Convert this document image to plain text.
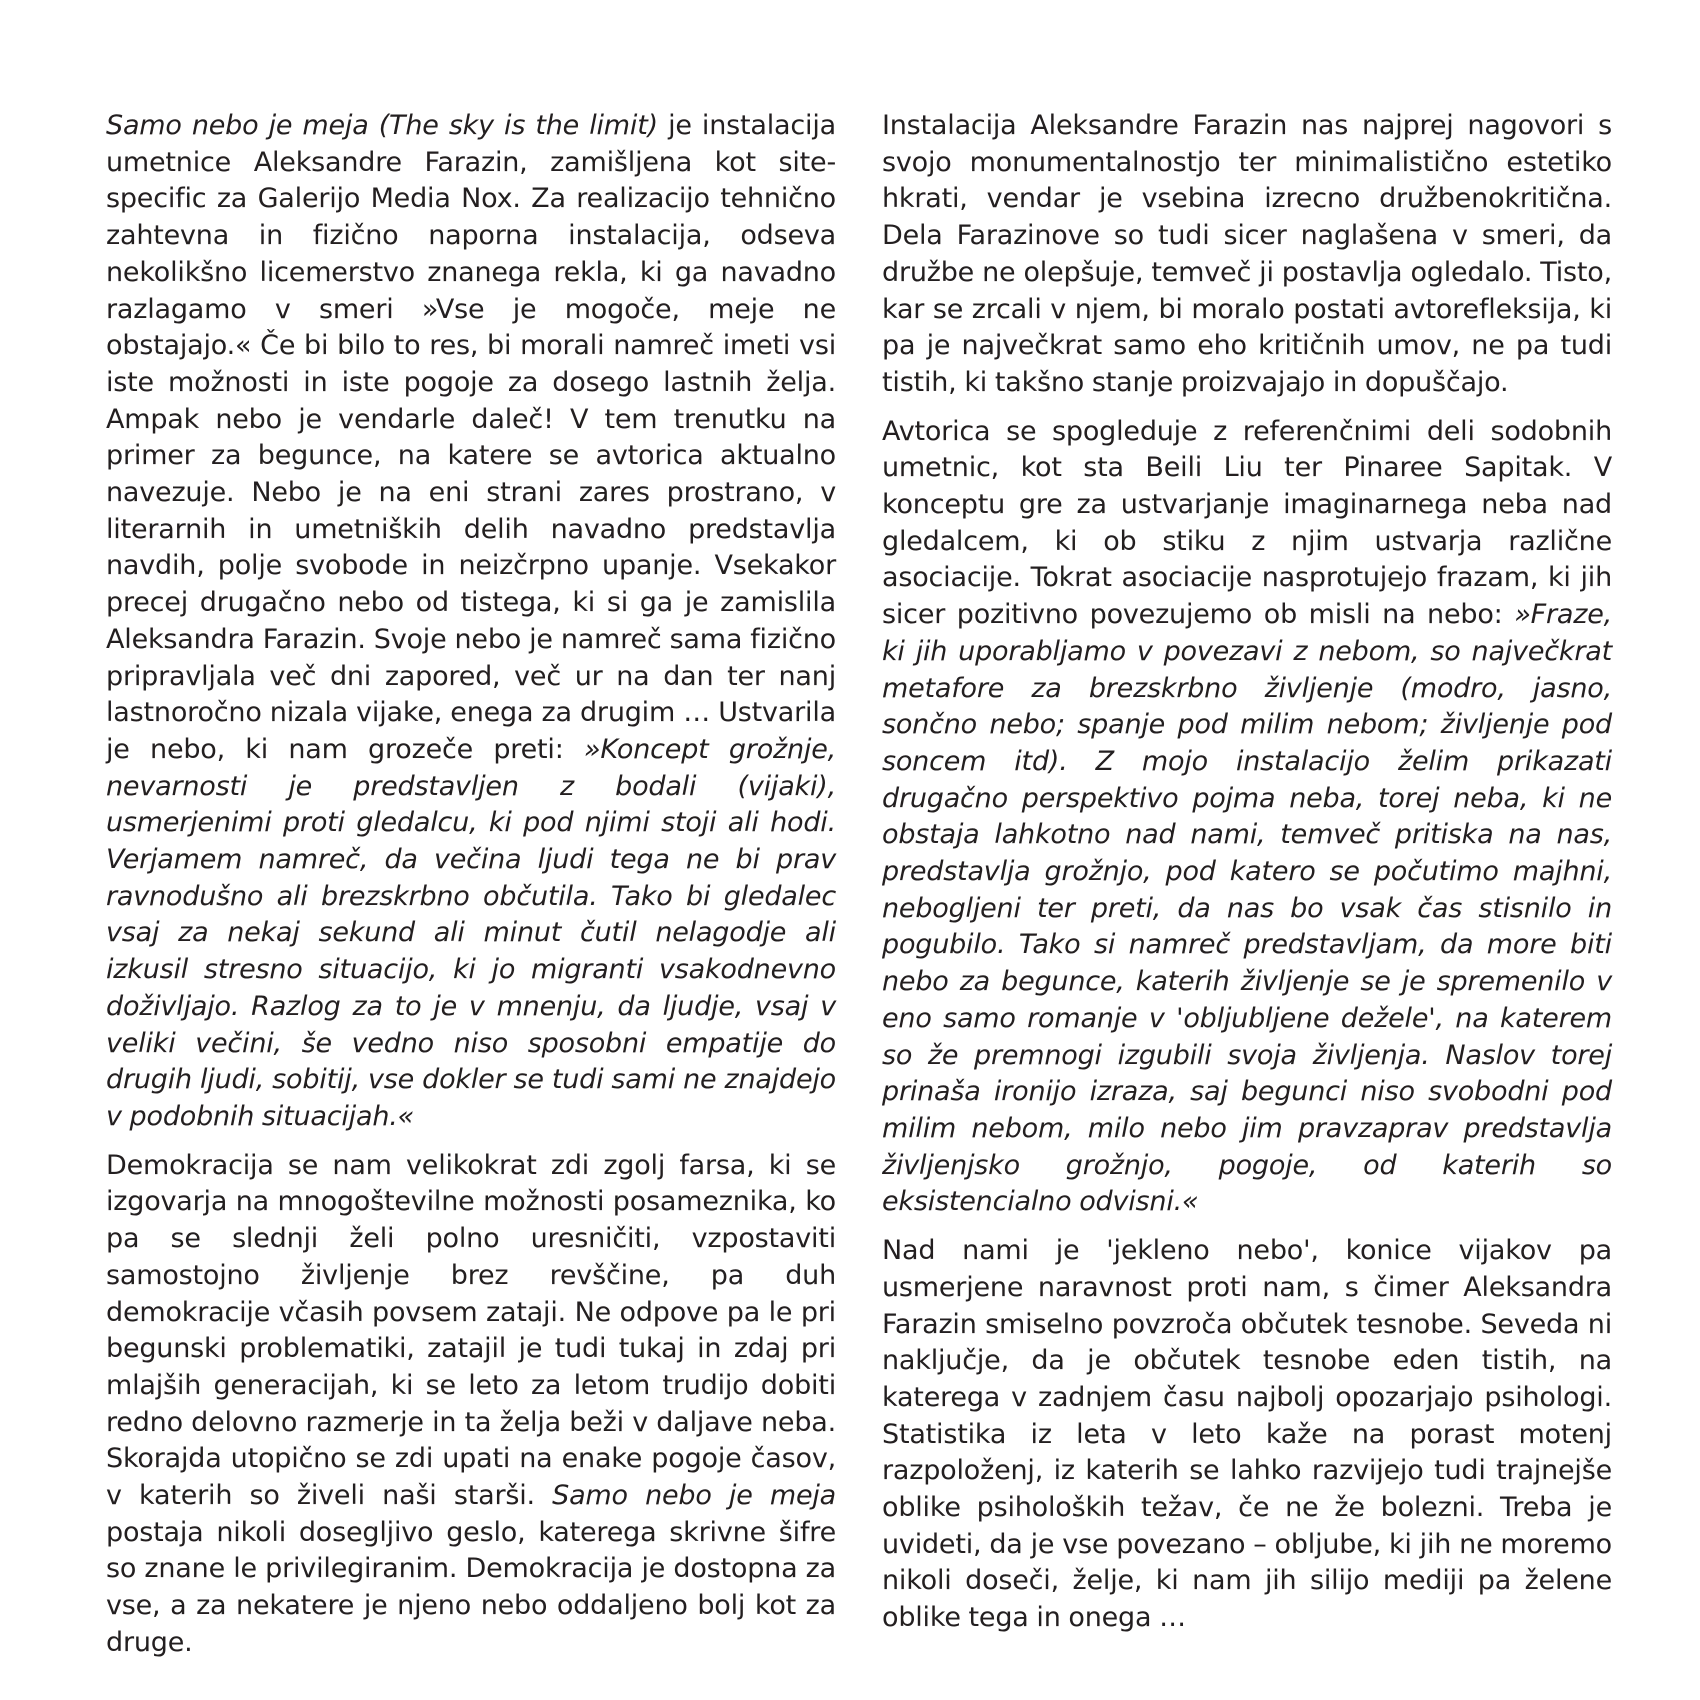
Samo nebo je meja (The sky is the limit) je instalacija umetnice Aleksandre Farazin, zamišljena kot site-specific za Galerijo Media Nox. Za realizacijo tehnično zahtevna in fizično naporna instalacija, odseva nekolikšno licemerstvo znanega rekla, ki ga navadno razlagamo v smeri »Vse je mogoče, meje ne obstajajo.« Če bi bilo to res, bi morali namreč imeti vsi iste možnosti in iste pogoje za dosego lastnih želja. Ampak nebo je vendarle daleč! V tem trenutku na primer za begunce, na katere se avtorica aktualno navezuje. Nebo je na eni strani zares prostrano, v literarnih in umetniških delih navadno predstavlja navdih, polje svobode in neizčrpno upanje. Vsekakor precej drugačno nebo od tistega, ki si ga je zamislila Aleksandra Farazin. Svoje nebo je namreč sama fizično pripravljala več dni zapored, več ur na dan ter nanj lastnoročno nizala vijake, enega za drugim … Ustvarila je nebo, ki nam grozeče preti: »Koncept grožnje, nevarnosti je predstavljen z bodali (vijaki), usmerjenimi proti gledalcu, ki pod njimi stoji ali hodi. Verjamem namreč, da večina ljudi tega ne bi prav ravnodušno ali brezskrbno občutila. Tako bi gledalec vsaj za nekaj sekund ali minut čutil nelagodje ali izkusil stresno situacijo, ki jo migranti vsakodnevno doživljajo. Razlog za to je v mnenju, da ljudje, vsaj v veliki večini, še vedno niso sposobni empatije do drugih ljudi, sobitij, vse dokler se tudi sami ne znajdejo v podobnih situacijah.«

Demokracija se nam velikokrat zdi zgolj farsa, ki se izgovarja na mnogoštevilne možnosti posameznika, ko pa se slednji želi polno uresničiti, vzpostaviti samostojno življenje brez revščine, pa duh demokracije včasih povsem zataji. Ne odpove pa le pri begunski problematiki, zatajil je tudi tukaj in zdaj pri mlajših generacijah, ki se leto za letom trudijo dobiti redno delovno razmerje in ta želja beži v daljave neba. Skorajda utopično se zdi upati na enake pogoje časov, v katerih so živeli naši starši. Samo nebo je meja postaja nikoli dosegljivo geslo, katerega skrivne šifre so znane le privilegiranim. Demokracija je dostopna za vse, a za nekatere je njeno nebo oddaljeno bolj kot za druge.

Instalacija Aleksandre Farazin nas najprej nagovori s svojo monumentalnostjo ter minimalistično estetiko hkrati, vendar je vsebina izrecno družbenokritična. Dela Farazinove so tudi sicer naglašena v smeri, da družbe ne olepšuje, temveč ji postavlja ogledalo. Tisto, kar se zrcali v njem, bi moralo postati avtorefleksija, ki pa je največkrat samo eho kritičnih umov, ne pa tudi tistih, ki takšno stanje proizvajajo in dopuščajo.

Avtorica se spogleduje z referenčnimi deli sodobnih umetnic, kot sta Beili Liu ter Pinaree Sapitak. V konceptu gre za ustvarjanje imaginarnega neba nad gledalcem, ki ob stiku z njim ustvarja različne asociacije. Tokrat asociacije nasprotujejo frazam, ki jih sicer pozitivno povezujemo ob misli na nebo: »Fraze, ki jih uporabljamo v povezavi z nebom, so največkrat metafore za brezskrbno življenje (modro, jasno, sončno nebo; spanje pod milim nebom; življenje pod soncem itd). Z mojo instalacijo želim prikazati drugačno perspektivo pojma neba, torej neba, ki ne obstaja lahkotno nad nami, temveč pritiska na nas, predstavlja grožnjo, pod katero se počutimo majhni, nebogljeni ter preti, da nas bo vsak čas stisnilo in pogubilo. Tako si namreč predstavljam, da more biti nebo za begunce, katerih življenje se je spremenilo v eno samo romanje v 'obljubljene dežele', na katerem so že premnogi izgubili svoja življenja. Naslov torej prinaša ironijo izraza, saj begunci niso svobodni pod milim nebom, milo nebo jim pravzaprav predstavlja življenjsko grožnjo, pogoje, od katerih so eksistencialno odvisni.«

Nad nami je 'jekleno nebo', konice vijakov pa usmerjene naravnost proti nam, s čimer Aleksandra Farazin smiselno povzroča občutek tesnobe. Seveda ni naključje, da je občutek tesnobe eden tistih, na katerega v zadnjem času najbolj opozarjajo psihologi. Statistika iz leta v leto kaže na porast motenj razpoloženj, iz katerih se lahko razvijejo tudi trajnejše oblike psiholoških težav, če ne že bolezni. Treba je uvideti, da je vse povezano – obljube, ki jih ne moremo nikoli doseči, želje, ki nam jih silijo mediji pa želene oblike tega in onega …
